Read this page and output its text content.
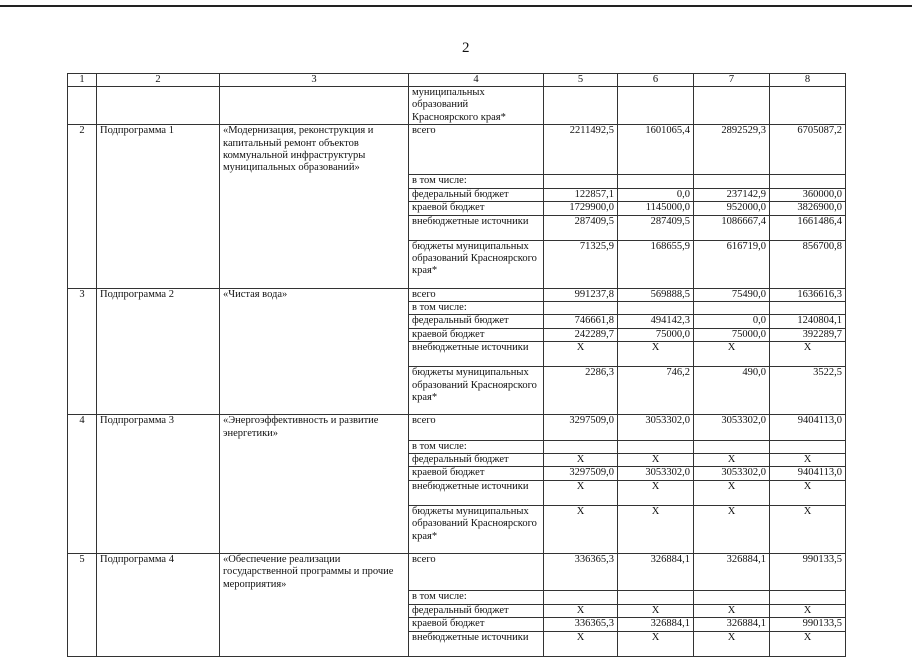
2
1	2	3	4	5	6	7	8

			муниципальных
образований
Красноярского края*				

2	Подпрограмма 1	«Модернизация, реконструкция и капитальный ремонт объектов коммунальной инфраструктуры муниципальных образований»	всего	2211492,5	1601065,4	2892529,3	6705087,2
			в том числе:				
			федеральный бюджет	122857,1	0,0	237142,9	360000,0
			краевой бюджет	1729900,0	1145000,0	952000,0	3826900,0
			внебюджетные источники	287409,5	287409,5	1086667,4	1661486,4
			бюджеты муниципальных образований Красноярского края*	71325,9	168655,9	616719,0	856700,8
3	Подпрограмма 2	«Чистая вода»	всего	991237,8	569888,5	75490,0	1636616,3
			в том числе:				
			федеральный бюджет	746661,8	494142,3	0,0	1240804,1
			краевой бюджет	242289,7	75000,0	75000,0	392289,7
			внебюджетные источники	X	X	X	X
			бюджеты муниципальных образований Красноярского края*	2286,3	746,2	490,0	3522,5
4	Подпрограмма 3	«Энергоэффективность и развитие энергетики»	всего	3297509,0	3053302,0	3053302,0	9404113,0
			в том числе:				
			федеральный бюджет	X	X	X	X
			краевой бюджет	3297509,0	3053302,0	3053302,0	9404113,0
			внебюджетные источники	X	X	X	X
			бюджеты муниципальных образований Красноярского края*	X	X	X	X
5	Подпрограмма 4	«Обеспечение реализации государственной программы и прочие мероприятия»	всего	336365,3	326884,1	326884,1	990133,5
			в том числе:				
			федеральный бюджет	X	X	X	X
			краевой бюджет	336365,3	326884,1	326884,1	990133,5
			внебюджетные источники	X	X	X	X
